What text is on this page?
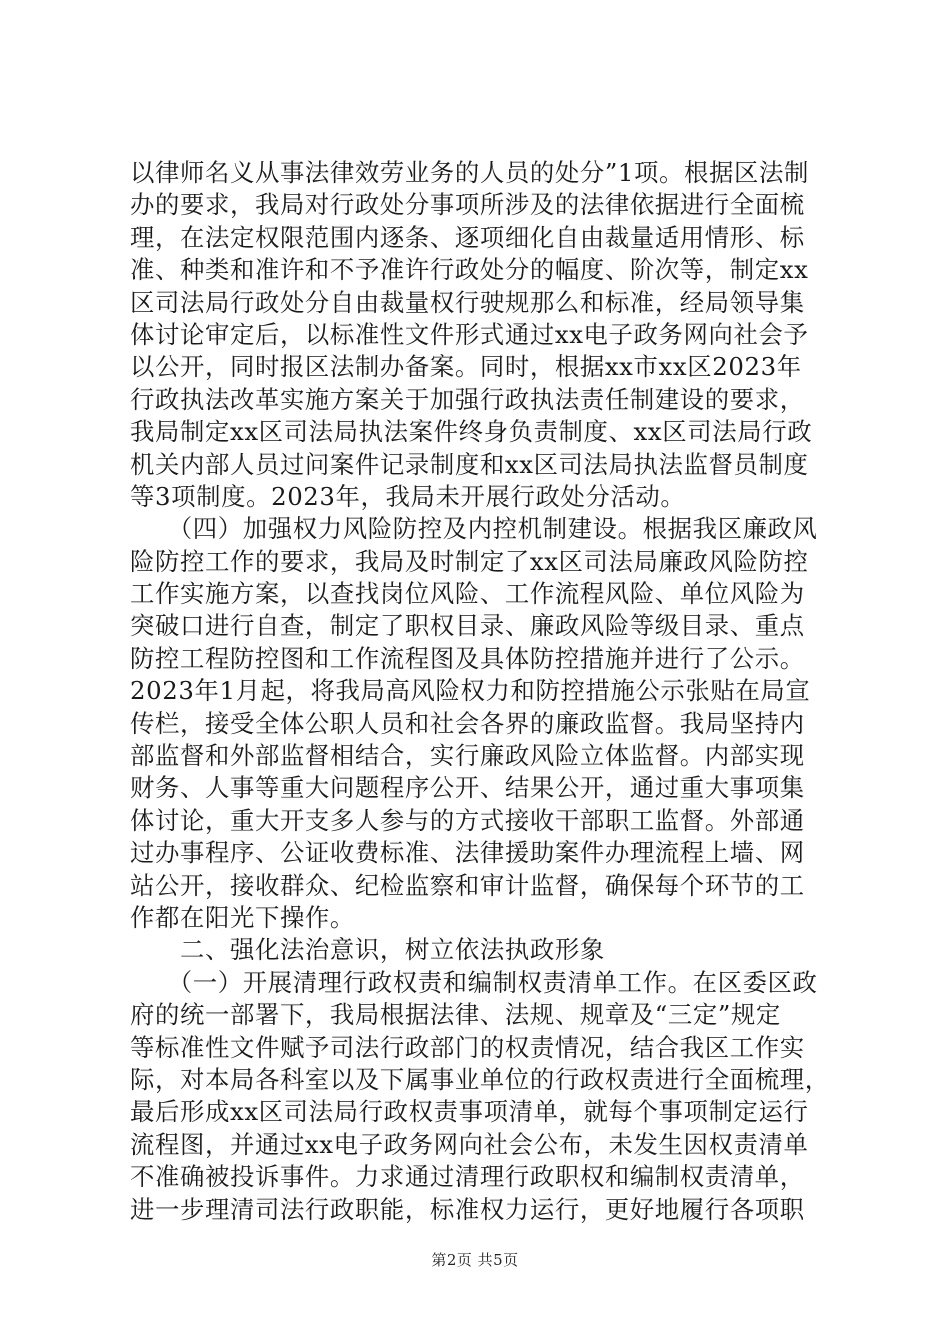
以律师名义从事法律效劳业务的人员的处分”1项。根据区法制
办的要求，我局对行政处分事项所涉及的法律依据进行全面梳
理，在法定权限范围内逐条、逐项细化自由裁量适用情形、标
准、种类和准许和不予准许行政处分的幅度、阶次等，制定xx
区司法局行政处分自由裁量权行驶规那么和标准，经局领导集
体讨论审定后，以标准性文件形式通过xx电子政务网向社会予
以公开，同时报区法制办备案。同时，根据xx市xx区2023年
行政执法改革实施方案关于加强行政执法责任制建设的要求，
我局制定xx区司法局执法案件终身负责制度、xx区司法局行政
机关内部人员过问案件记录制度和xx区司法局执法监督员制度
等3项制度。2023年，我局未开展行政处分活动。
　　（四）加强权力风险防控及内控机制建设。根据我区廉政风
险防控工作的要求，我局及时制定了xx区司法局廉政风险防控
工作实施方案，以查找岗位风险、工作流程风险、单位风险为
突破口进行自查，制定了职权目录、廉政风险等级目录、重点
防控工程防控图和工作流程图及具体防控措施并进行了公示。
2023年1月起，将我局高风险权力和防控措施公示张贴在局宣
传栏，接受全体公职人员和社会各界的廉政监督。我局坚持内
部监督和外部监督相结合，实行廉政风险立体监督。内部实现
财务、人事等重大问题程序公开、结果公开，通过重大事项集
体讨论，重大开支多人参与的方式接收干部职工监督。外部通
过办事程序、公证收费标准、法律援助案件办理流程上墙、网
站公开，接收群众、纪检监察和审计监督，确保每个环节的工
作都在阳光下操作。
　　二、强化法治意识，树立依法执政形象
　　（一）开展清理行政权责和编制权责清单工作。在区委区政
府的统一部署下，我局根据法律、法规、规章及“三定”规定
等标准性文件赋予司法行政部门的权责情况，结合我区工作实
际，对本局各科室以及下属事业单位的行政权责进行全面梳理，
最后形成xx区司法局行政权责事项清单，就每个事项制定运行
流程图，并通过xx电子政务网向社会公布，未发生因权责清单
不准确被投诉事件。力求通过清理行政职权和编制权责清单，
进一步理清司法行政职能，标准权力运行，更好地履行各项职
第2页 共5页
